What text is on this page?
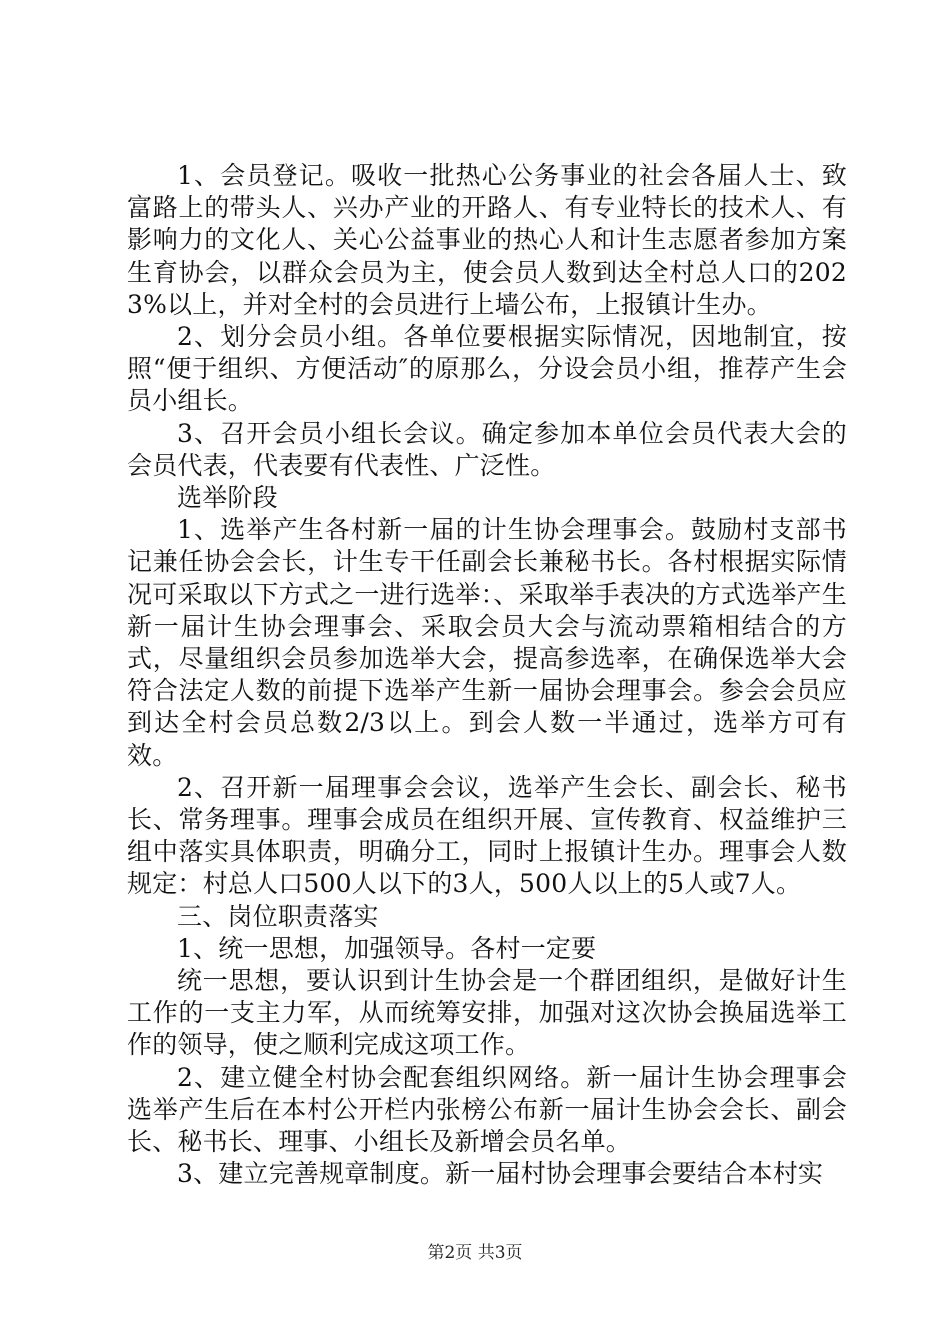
1、会员登记。吸收一批热心公务事业的社会各届人士、致富路上的带头人、兴办产业的开路人、有专业特长的技术人、有影响力的文化人、关心公益事业的热心人和计生志愿者参加方案生育协会，以群众会员为主，使会员人数到达全村总人口的2023%以上，并对全村的会员进行上墙公布，上报镇计生办。

2、划分会员小组。各单位要根据实际情况，因地制宜，按照“便于组织、方便活动″的原那么，分设会员小组，推荐产生会员小组长。

3、召开会员小组长会议。确定参加本单位会员代表大会的会员代表，代表要有代表性、广泛性。

选举阶段

1、选举产生各村新一届的计生协会理事会。鼓励村支部书记兼任协会会长，计生专干任副会长兼秘书长。各村根据实际情况可采取以下方式之一进行选举：、采取举手表决的方式选举产生新一届计生协会理事会、采取会员大会与流动票箱相结合的方式，尽量组织会员参加选举大会，提高参选率，在确保选举大会符合法定人数的前提下选举产生新一届协会理事会。参会会员应到达全村会员总数2/3以上。到会人数一半通过，选举方可有效。

2、召开新一届理事会会议，选举产生会长、副会长、秘书长、常务理事。理事会成员在组织开展、宣传教育、权益维护三组中落实具体职责，明确分工，同时上报镇计生办。理事会人数规定：村总人口500人以下的3人，500人以上的5人或7人。

三、岗位职责落实

1、统一思想，加强领导。各村一定要

统一思想，要认识到计生协会是一个群团组织，是做好计生工作的一支主力军，从而统筹安排，加强对这次协会换届选举工作的领导，使之顺利完成这项工作。

2、建立健全村协会配套组织网络。新一届计生协会理事会选举产生后在本村公开栏内张榜公布新一届计生协会会长、副会长、秘书长、理事、小组长及新增会员名单。

3、建立完善规章制度。新一届村协会理事会要结合本村实

第2页 共3页
